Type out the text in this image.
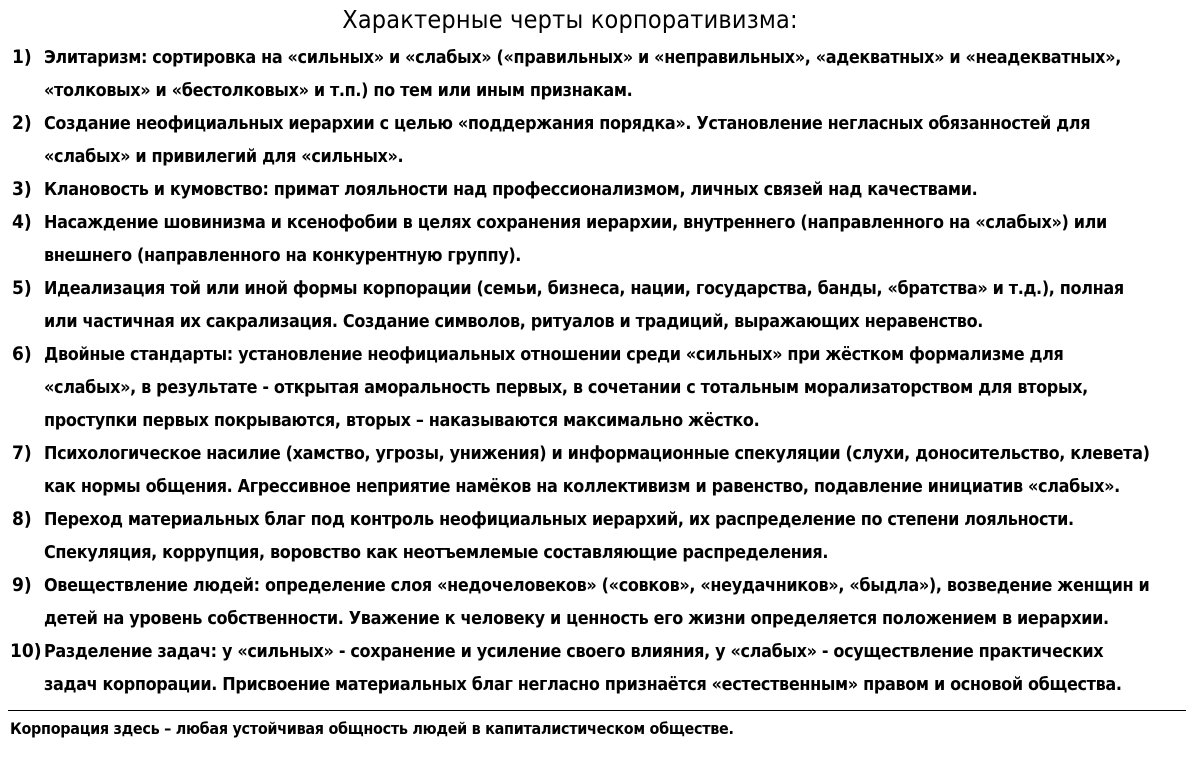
Характерные черты корпоративизма:
1) Элитаризм: сортировка на «сильных» и «слабых» («правильных» и «неправильных», «адекватных» и «неадекватных»,
«толковых» и «бестолковых» и т.п.) по тем или иным признакам.
2) Создание неофициальных иерархии с целью «поддержания порядка». Установление негласных обязанностей для
«слабых» и привилегий для «сильных».
3) Клановость и кумовство: примат лояльности над профессионализмом, личных связей над качествами.
4) Насаждение шовинизма и ксенофобии в целях сохранения иерархии, внутреннего (направленного на «слабых») или
внешнего (направленного на конкурентную группу).
5) Идеализация той или иной формы корпорации (семьи, бизнеса, нации, государства, банды, «братства» и т.д.), полная
или частичная их сакрализация. Создание символов, ритуалов и традиций, выражающих неравенство.
6) Двойные стандарты: установление неофициальных отношении среди «сильных» при жёстком формализме для
«слабых», в результате - открытая аморальность первых, в сочетании с тотальным морализаторством для вторых,
проступки первых покрываются, вторых – наказываются максимально жёстко.
7) Психологическое насилие (хамство, угрозы, унижения) и информационные спекуляции (слухи, доносительство, клевета)
как нормы общения. Агрессивное неприятие намёков на коллективизм и равенство, подавление инициатив «слабых».
8) Переход материальных благ под контроль неофициальных иерархий, их распределение по степени лояльности.
Спекуляция, коррупция, воровство как неотъемлемые составляющие распределения.
9) Овеществление людей: определение слоя «недочеловеков» («совков», «неудачников», «быдла»), возведение женщин и
детей на уровень собственности. Уважение к человеку и ценность его жизни определяется положением в иерархии.
10) Разделение задач: у «сильных» - сохранение и усиление своего влияния, у «слабых» - осуществление практических
задач корпорации. Присвоение материальных благ негласно признаётся «естественным» правом и основой общества.
Корпорация здесь – любая устойчивая общность людей в капиталистическом обществе.
